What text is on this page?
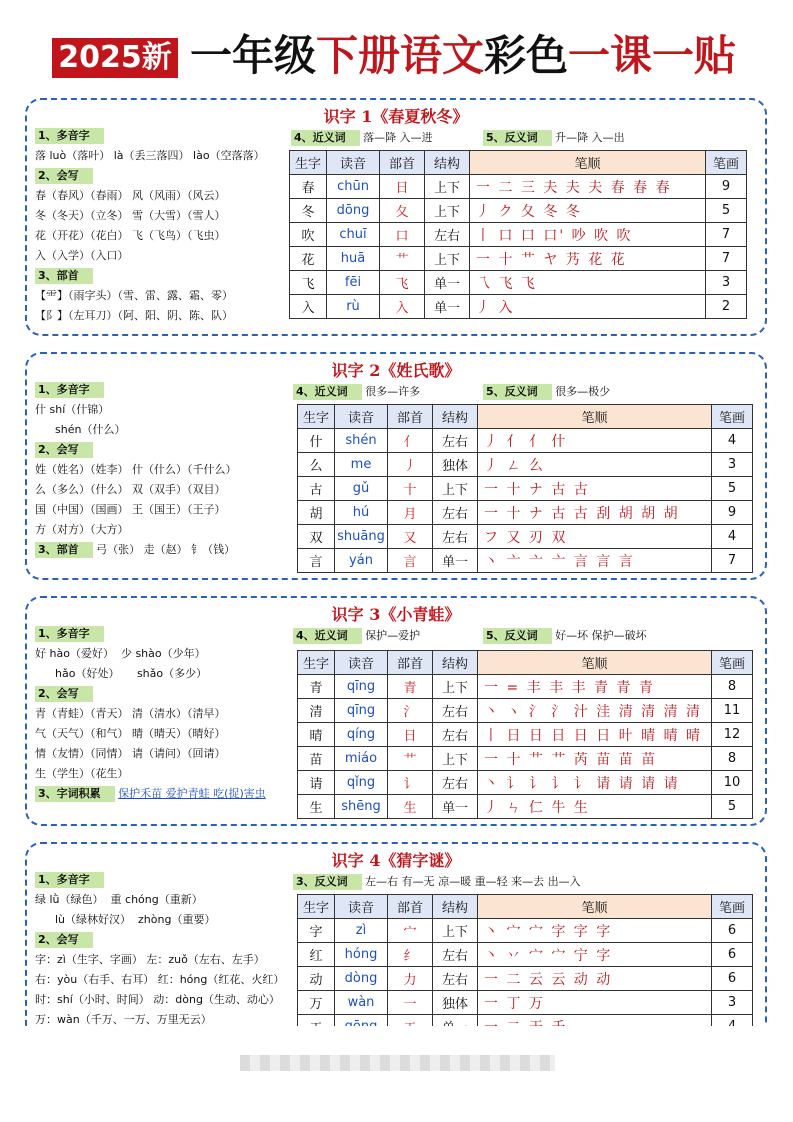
2025新 一年级下册语文彩色一课一贴
识字 1《春夏秋冬》
1、多音字
落 luò（落叶） là（丢三落四） lào（空落落）
2、会写
春（春风）（春雨） 风（风雨）（风云）
冬（冬天）（立冬） 雪（大雪）（雪人）
花（开花）（花白） 飞（飞鸟）（飞虫）
入（入学）（入口）
3、部首
【⻗】（雨字头）（雪、雷、露、霜、零）
【阝】（左耳刀）（阿、阳、阴、陈、队）
4、近义词 落—降 入—进	5、反义词 升—降 入—出
生字	读音	部首	结构	笔顺	笔画
春	chūn	日	上下	一 二 三 夫 夫 夫 春 春 春	9
冬	dōng	夂	上下	丿 ク 夂 冬 冬	5
吹	chuī	口	左右	丨 口 口 口' 吵 吹 吹	7
花	huā	艹	上下	一 十 艹 ヤ 艿 花 花	7
飞	fēi	飞	单一	乁 飞 飞	3
入	rù	入	单一	丿 入	2
识字 2《姓氏歌》
1、多音字
什 shí（什锦）
shén（什么）
2、会写
姓（姓名）（姓李） 什（什么）（千什么）
么（多么）（什么） 双（双手）（双目）
国（中国）（国画） 王（国王）（王子）
方（对方）（大方）
3、部首 弓（张） 走（赵） 钅（钱）
4、近义词 很多—许多	5、反义词 很多—极少
生字	读音	部首	结构	笔顺	笔画
什	shén	亻	左右	丿 亻 亻 什	4
么	me	丿	独体	丿 ㄥ 么	3
古	gǔ	十	上下	一 十 ナ 古 古	5
胡	hú	月	左右	一 十 ナ 古 古 刮 胡 胡 胡	9
双	shuāng	又	左右	フ 又 刃 双	4
言	yán	言	单一	丶 亠 亠 亠 言 言 言	7
识字 3《小青蛙》
1、多音字
好 hào（爱好） 少 shào（少年）
hǎo（好处） shǎo（多少）
2、会写
青（青蛙）（青天） 清（清水）（清早）
气（天气）（和气） 晴（晴天）（晴好）
情（友情）（同情） 请（请问）（回请）
生（学生）（花生）
3、字词积累 保护禾苗 爱护青蛙 吃(捉)害虫
4、近义词 保护—爱护	5、反义词 好—坏 保护—破坏
生字	读音	部首	结构	笔顺	笔画
青	qīng	青	上下	一 = 丰 丰 丰 青 青 青	8
清	qīng	氵	左右	丶 ヽ 氵 氵 汁 洼 清 清 清 清	11
晴	qíng	日	左右	丨 日 日 日 日 日 旪 晴 晴 晴	12
苗	miáo	艹	上下	一 十 艹 艹 芮 苗 苗 苗	8
请	qǐng	讠	左右	丶 讠 讠 讠 讠 请 请 请 请	10
生	shēng	生	单一	丿 ㄣ 仁 牛 生	5
识字 4《猜字谜》
1、多音字
绿 lǜ（绿色） 重 chóng（重新）
lù（绿林好汉） zhòng（重要）
2、会写
字：zì（生字、字画） 左：zuǒ（左右、左手）
右：yòu（右手、右耳） 红：hóng（红花、火红）
时：shí（小时、时间） 动：dòng（生动、动心）
万：wàn（千万、一万、万里无云）
3、反义词 左—右 有—无 凉—暖 重—轻 来—去 出—入
生字	读音	部首	结构	笔顺	笔画
字	zì	宀	上下	丶 宀 宀 字 字 字	6
红	hóng	纟	左右	丶 丷 宀 宀 宁 字	6
动	dòng	力	左右	一 二 云 云 动 动	6
万	wàn	一	独体	一 丁 万	3
